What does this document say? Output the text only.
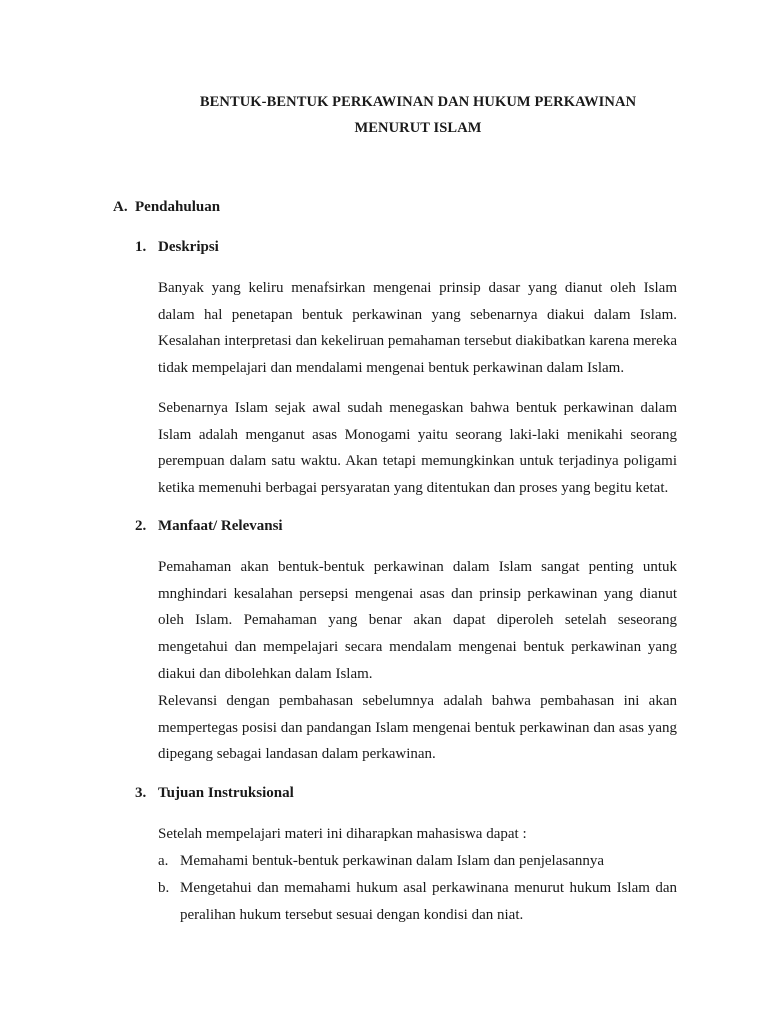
BENTUK-BENTUK PERKAWINAN DAN HUKUM PERKAWINAN
MENURUT ISLAM
A. Pendahuluan
1. Deskripsi

Banyak yang keliru menafsirkan mengenai prinsip dasar yang dianut oleh Islam dalam hal penetapan bentuk perkawinan yang sebenarnya diakui dalam Islam. Kesalahan interpretasi dan kekeliruan pemahaman tersebut diakibatkan karena mereka tidak mempelajari dan mendalami mengenai bentuk perkawinan dalam Islam.

Sebenarnya Islam sejak awal sudah menegaskan bahwa bentuk perkawinan dalam Islam adalah menganut asas Monogami yaitu seorang laki-laki menikahi seorang perempuan dalam satu waktu. Akan tetapi memungkinkan untuk terjadinya poligami ketika memenuhi berbagai persyaratan yang ditentukan dan proses yang begitu ketat.

2. Manfaat/ Relevansi

Pemahaman akan bentuk-bentuk perkawinan dalam Islam sangat penting untuk mnghindari kesalahan persepsi mengenai asas dan prinsip perkawinan yang dianut oleh Islam. Pemahaman yang benar akan dapat diperoleh setelah seseorang mengetahui dan mempelajari secara mendalam mengenai bentuk perkawinan yang diakui dan dibolehkan dalam Islam.

Relevansi dengan pembahasan sebelumnya adalah bahwa pembahasan ini akan mempertegas posisi dan pandangan Islam mengenai bentuk perkawinan dan asas yang dipegang sebagai landasan dalam perkawinan.

3. Tujuan Instruksional

Setelah mempelajari materi ini diharapkan mahasiswa dapat :

a. Memahami bentuk-bentuk perkawinan dalam Islam dan penjelasannya
b. Mengetahui dan memahami hukum asal perkawinana menurut hukum Islam dan peralihan hukum tersebut sesuai dengan kondisi dan niat.
